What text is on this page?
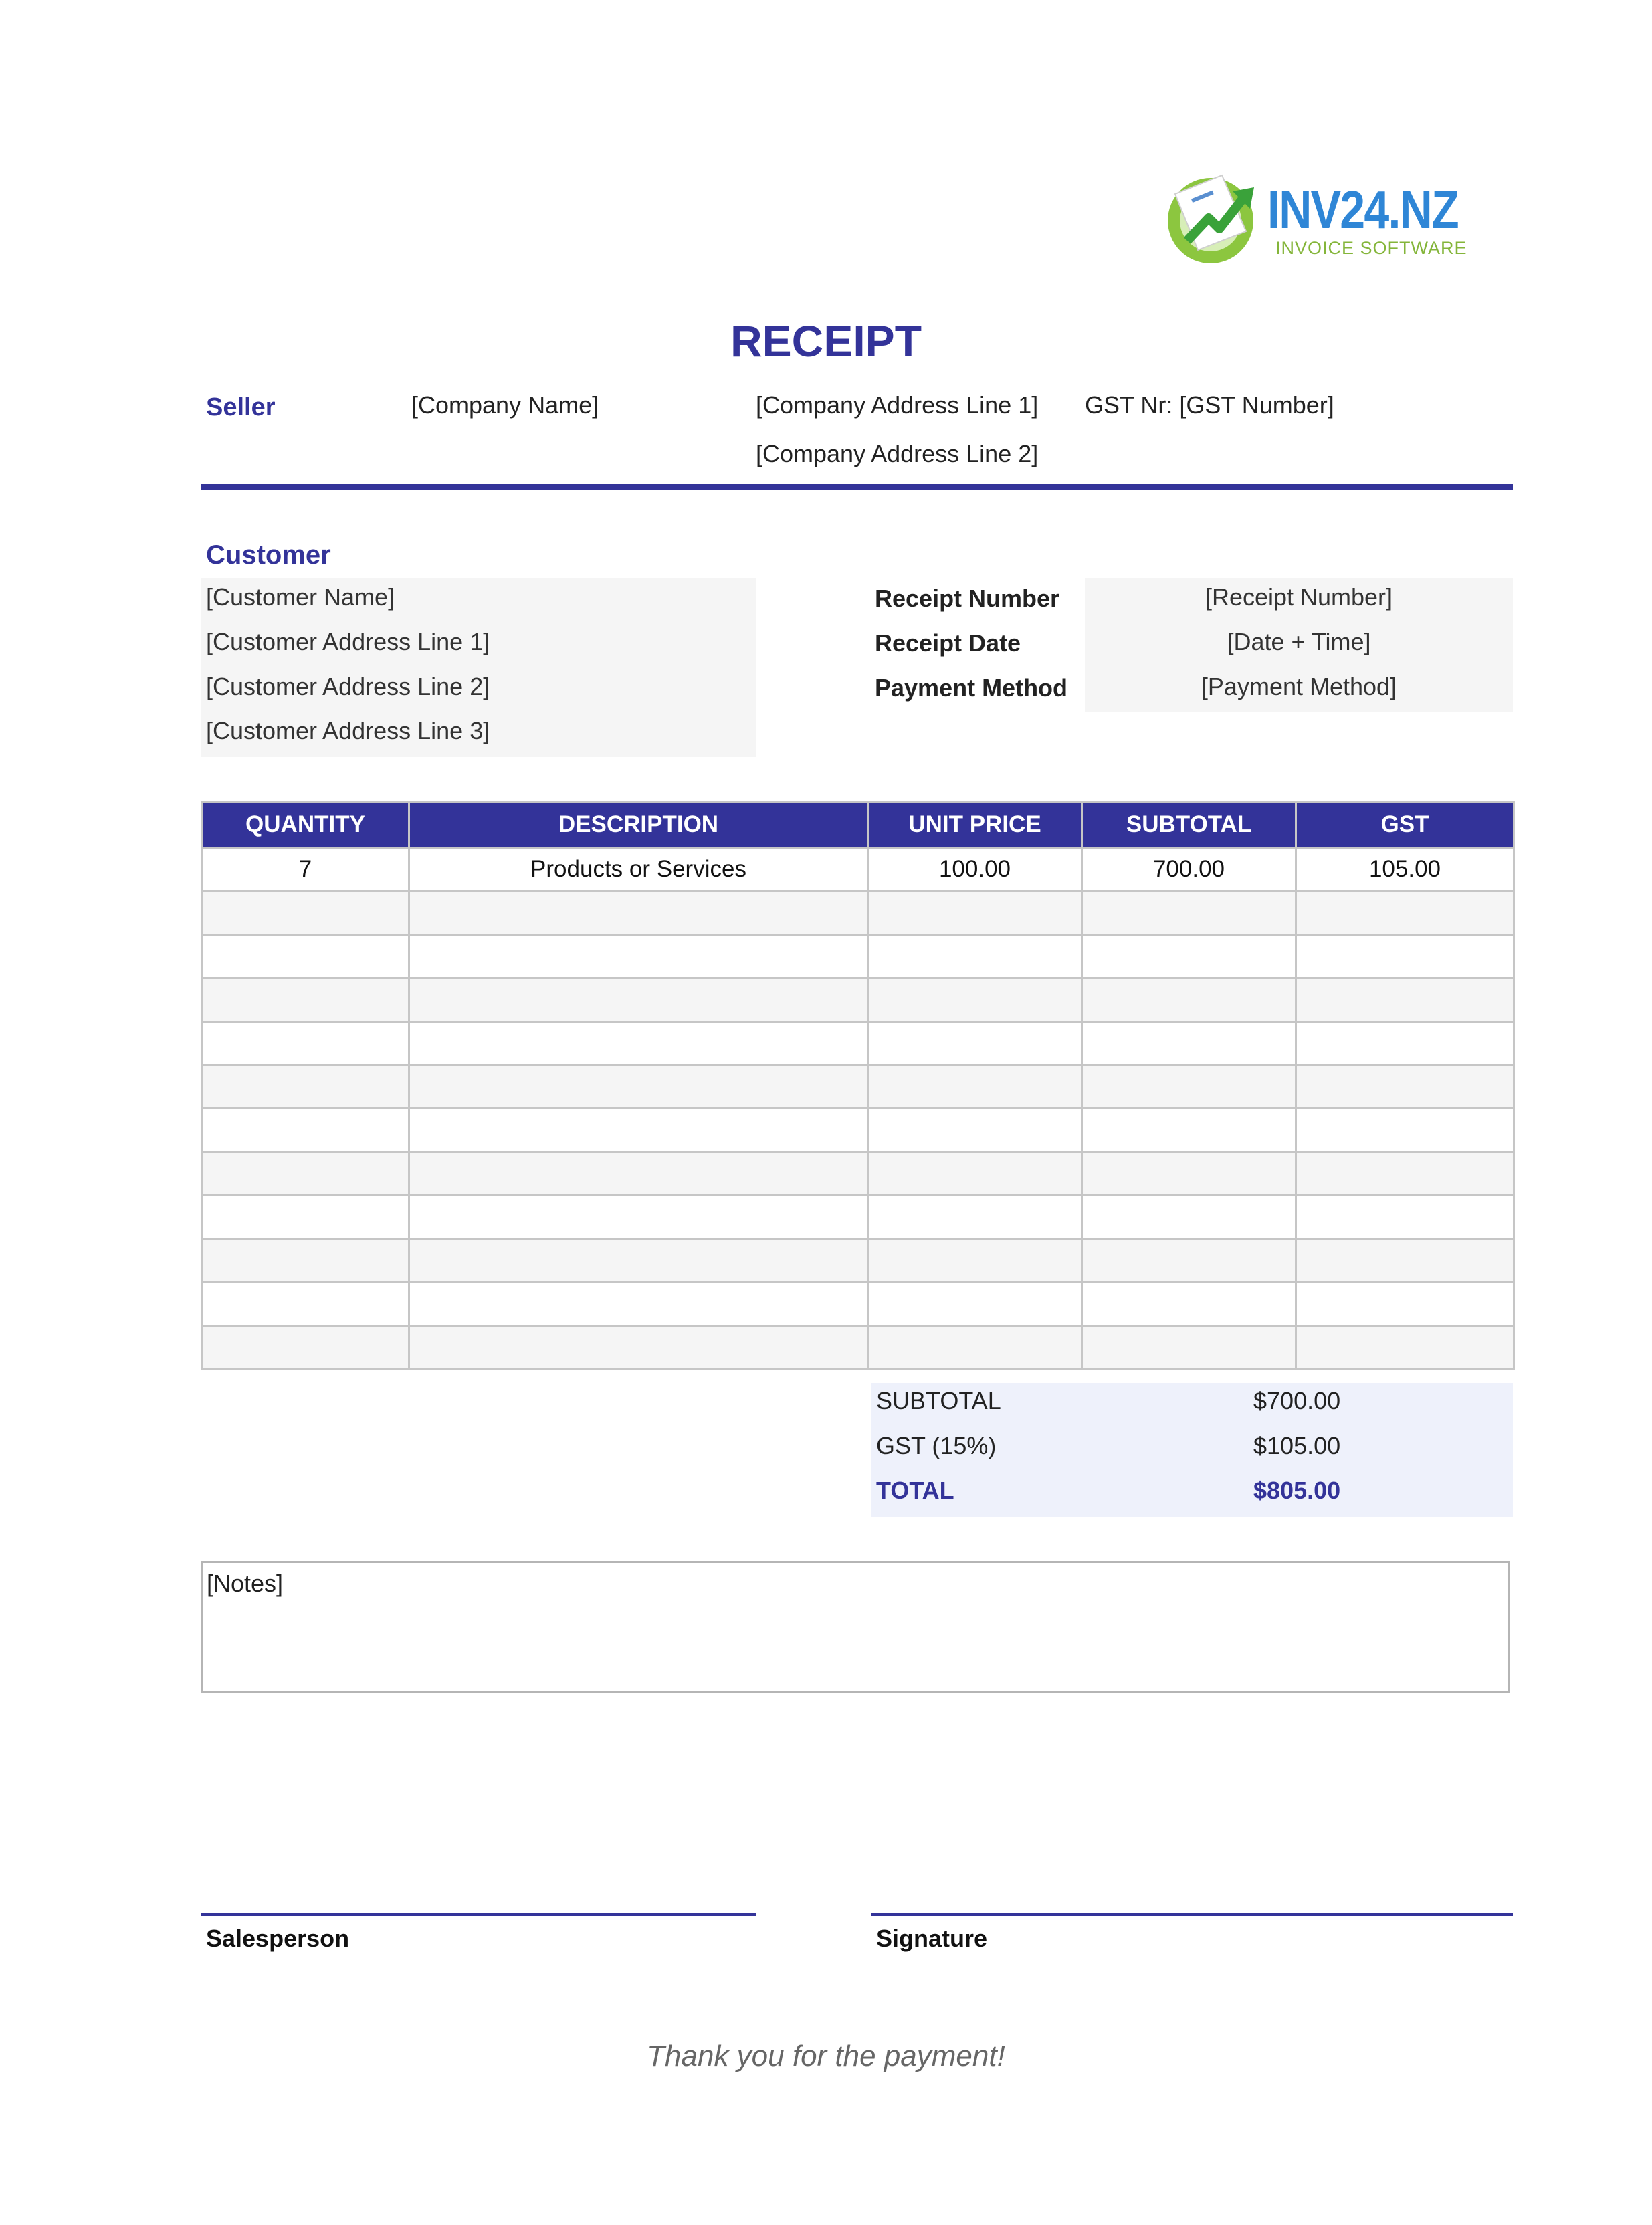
INV24.NZ
INVOICE SOFTWARE
RECEIPT
Seller	[Company Name]	[Company Address Line 1]
[Company Address Line 2]
GST Nr: [GST Number]
Customer
[Customer Name]
[Customer Address Line 1]
[Customer Address Line 2]
[Customer Address Line 3]
Receipt Number	[Receipt Number]
Receipt Date	[Date + Time]
Payment Method	[Payment Method]
QUANTITY	DESCRIPTION	UNIT PRICE	SUBTOTAL	GST
7	Products or Services	100.00	700.00	105.00

SUBTOTAL	$700.00
GST (15%)	$105.00
TOTAL	$805.00
[Notes]
Salesperson	Signature
Thank you for the payment!
